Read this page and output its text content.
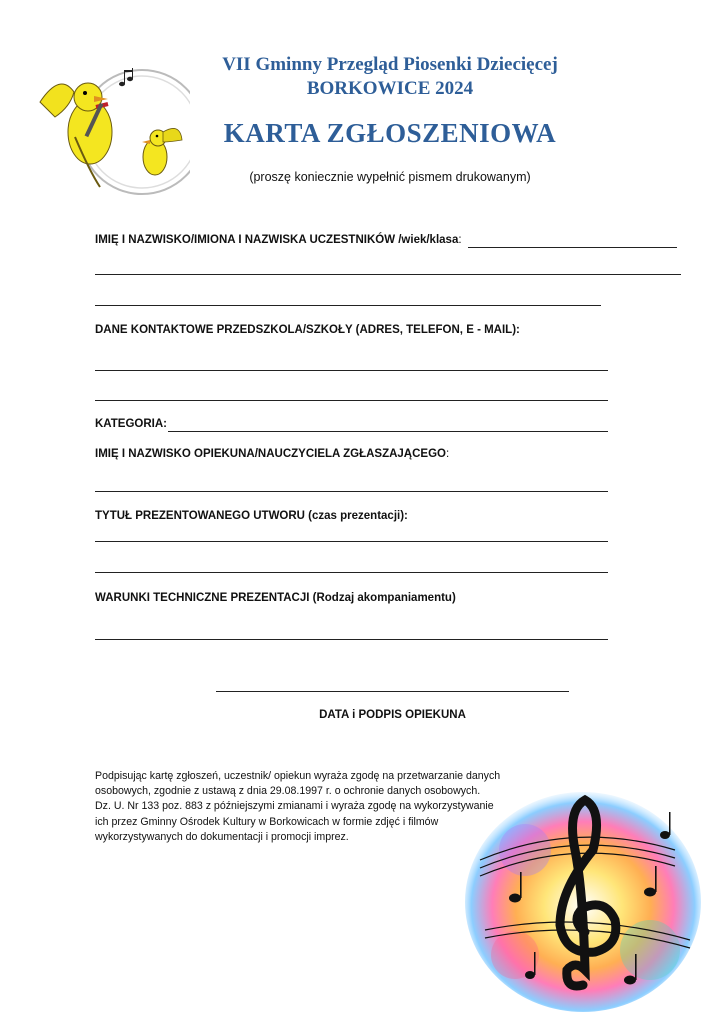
VII Gminny Przegląd Piosenki Dziecięcej
BORKOWICE 2024
KARTA ZGŁOSZENIOWA
(proszę koniecznie wypełnić pismem drukowanym)
IMIĘ I NAZWISKO/IMIONA I NAZWISKA UCZESTNIKÓW /wiek/klasa:
DANE KONTAKTOWE PRZEDSZKOLA/SZKOŁY (ADRES, TELEFON, E - MAIL):
KATEGORIA:
IMIĘ I NAZWISKO OPIEKUNA/NAUCZYCIELA ZGŁASZAJĄCEGO:
TYTUŁ PREZENTOWANEGO UTWORU (czas prezentacji):
WARUNKI TECHNICZNE PREZENTACJI (Rodzaj akompaniamentu)
DATA i PODPIS OPIEKUNA
Podpisując kartę zgłoszeń, uczestnik/ opiekun wyraża zgodę na przetwarzanie danych
osobowych, zgodnie z ustawą z dnia 29.08.1997 r. o ochronie danych osobowych.
Dz. U. Nr 133 poz. 883 z późniejszymi zmianami i wyraża zgodę na wykorzystywanie
ich przez Gminny Ośrodek Kultury w Borkowicach w formie zdjęć i filmów
wykorzystywanych do dokumentacji i promocji imprez.
